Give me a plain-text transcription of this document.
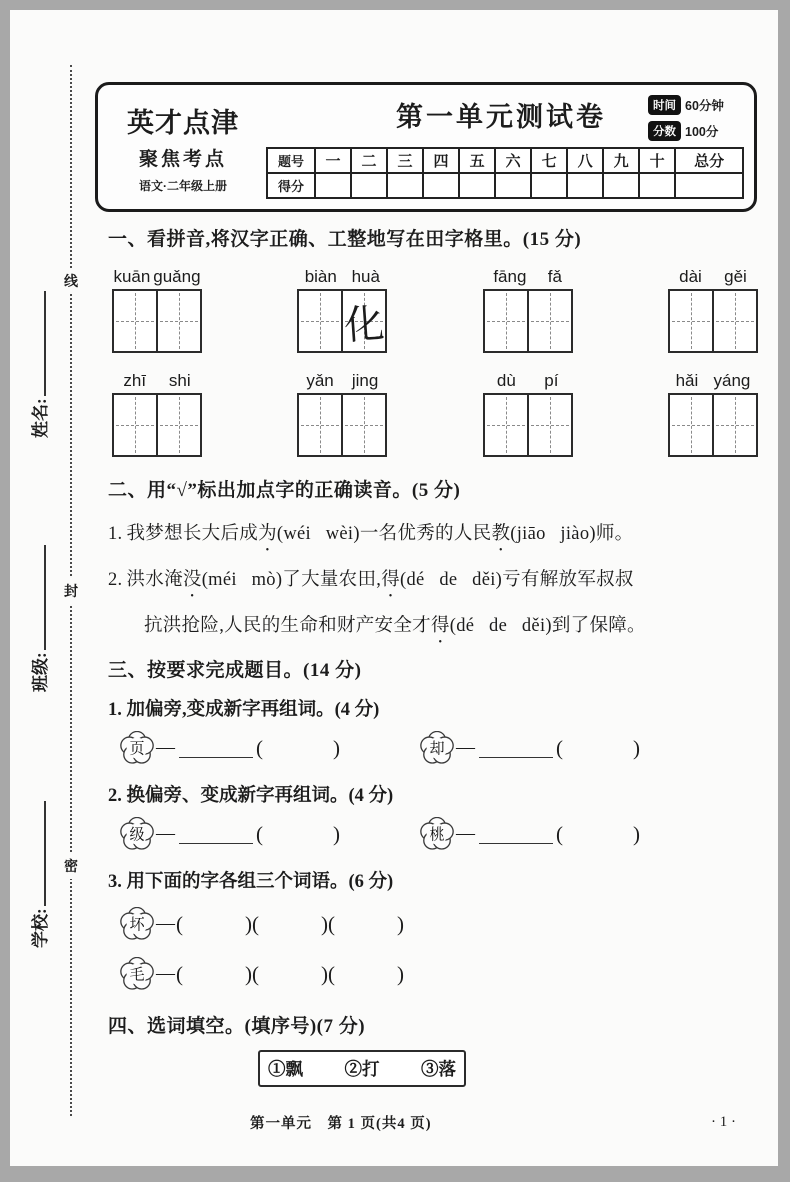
线
封
密
姓名:
班级:
学校:
英才点津
聚焦考点
语文·二年级上册
第一单元测试卷	时间 60分钟
分数 100分
题号	一	二	三	四	五	六	七	八	九	十	总分
得分											
一、看拼音,将汉字正确、工整地写在田字格里。(15 分)
kuān guǎng	biàn huà
化
fāng fǎ	dài gěi
zhī shi	yǎn jing	dù pí	hǎi yáng
二、用“√”标出加点字的正确读音。(5 分)
1. 我梦想长大后成为(wéi   wèi)一名优秀的人民教(jiāo   jiào)师。
2. 洪水淹没(méi   mò)了大量农田,得(dé   de   děi)亏有解放军叔叔
抗洪抢险,人民的生命和财产安全才得(dé   de   děi)到了保障。
三、按要求完成题目。(14 分)
1. 加偏旁,变成新字再组词。(4 分)
页 —	(	)	却 —	(	)
2. 换偏旁、变成新字再组词。(4 分)
级 —	(	)	桃 —	(	)
3. 用下面的字各组三个词语。(6 分)
坏 — (	)(	)(	)
毛 — (	)(	)(	)
四、选词填空。(填序号)(7 分)
①飘 ②打 ③落
第一单元　第 1 页(共4 页)	· 1 ·
